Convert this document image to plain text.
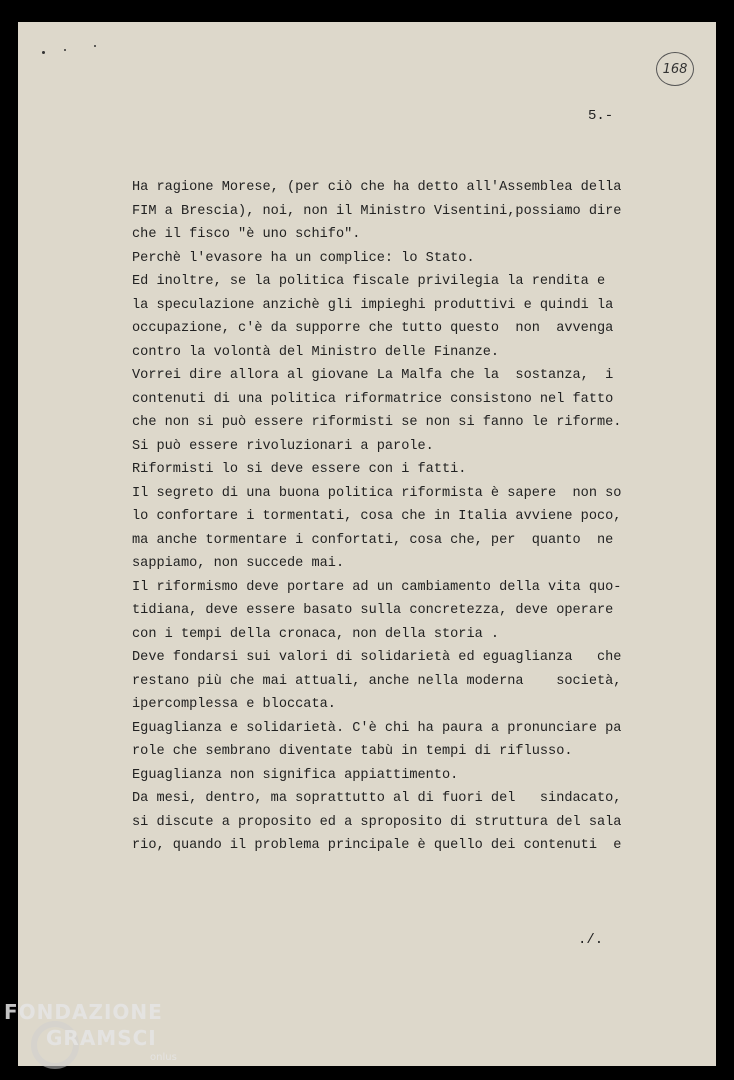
168
5.-
Ha ragione Morese, (per ciò che ha detto all'Assemblea della
FIM a Brescia), noi, non il Ministro Visentini,possiamo dire
che il fisco "è uno schifo".
Perchè l'evasore ha un complice: lo Stato.
Ed inoltre, se la politica fiscale privilegia la rendita e
la speculazione anzichè gli impieghi produttivi e quindi la
occupazione, c'è da supporre che tutto questo  non  avvenga
contro la volontà del Ministro delle Finanze.
Vorrei dire allora al giovane La Malfa che la  sostanza,  i
contenuti di una politica riformatrice consistono nel fatto
che non si può essere riformisti se non si fanno le riforme.
Si può essere rivoluzionari a parole.
Riformisti lo si deve essere con i fatti.
Il segreto di una buona politica riformista è sapere  non so
lo confortare i tormentati, cosa che in Italia avviene poco,
ma anche tormentare i confortati, cosa che, per  quanto  ne
sappiamo, non succede mai.
Il riformismo deve portare ad un cambiamento della vita quo-
tidiana, deve essere basato sulla concretezza, deve operare
con i tempi della cronaca, non della storia .
Deve fondarsi sui valori di solidarietà ed eguaglianza   che
restano più che mai attuali, anche nella moderna    società,
ipercomplessa e bloccata.
Eguaglianza e solidarietà. C'è chi ha paura a pronunciare pa
role che sembrano diventate tabù in tempi di riflusso.
Eguaglianza non significa appiattimento.
Da mesi, dentro, ma soprattutto al di fuori del   sindacato,
si discute a proposito ed a sproposito di struttura del sala
rio, quando il problema principale è quello dei contenuti  e
./.
FONDAZIONE
GRAMSCI
onlus
